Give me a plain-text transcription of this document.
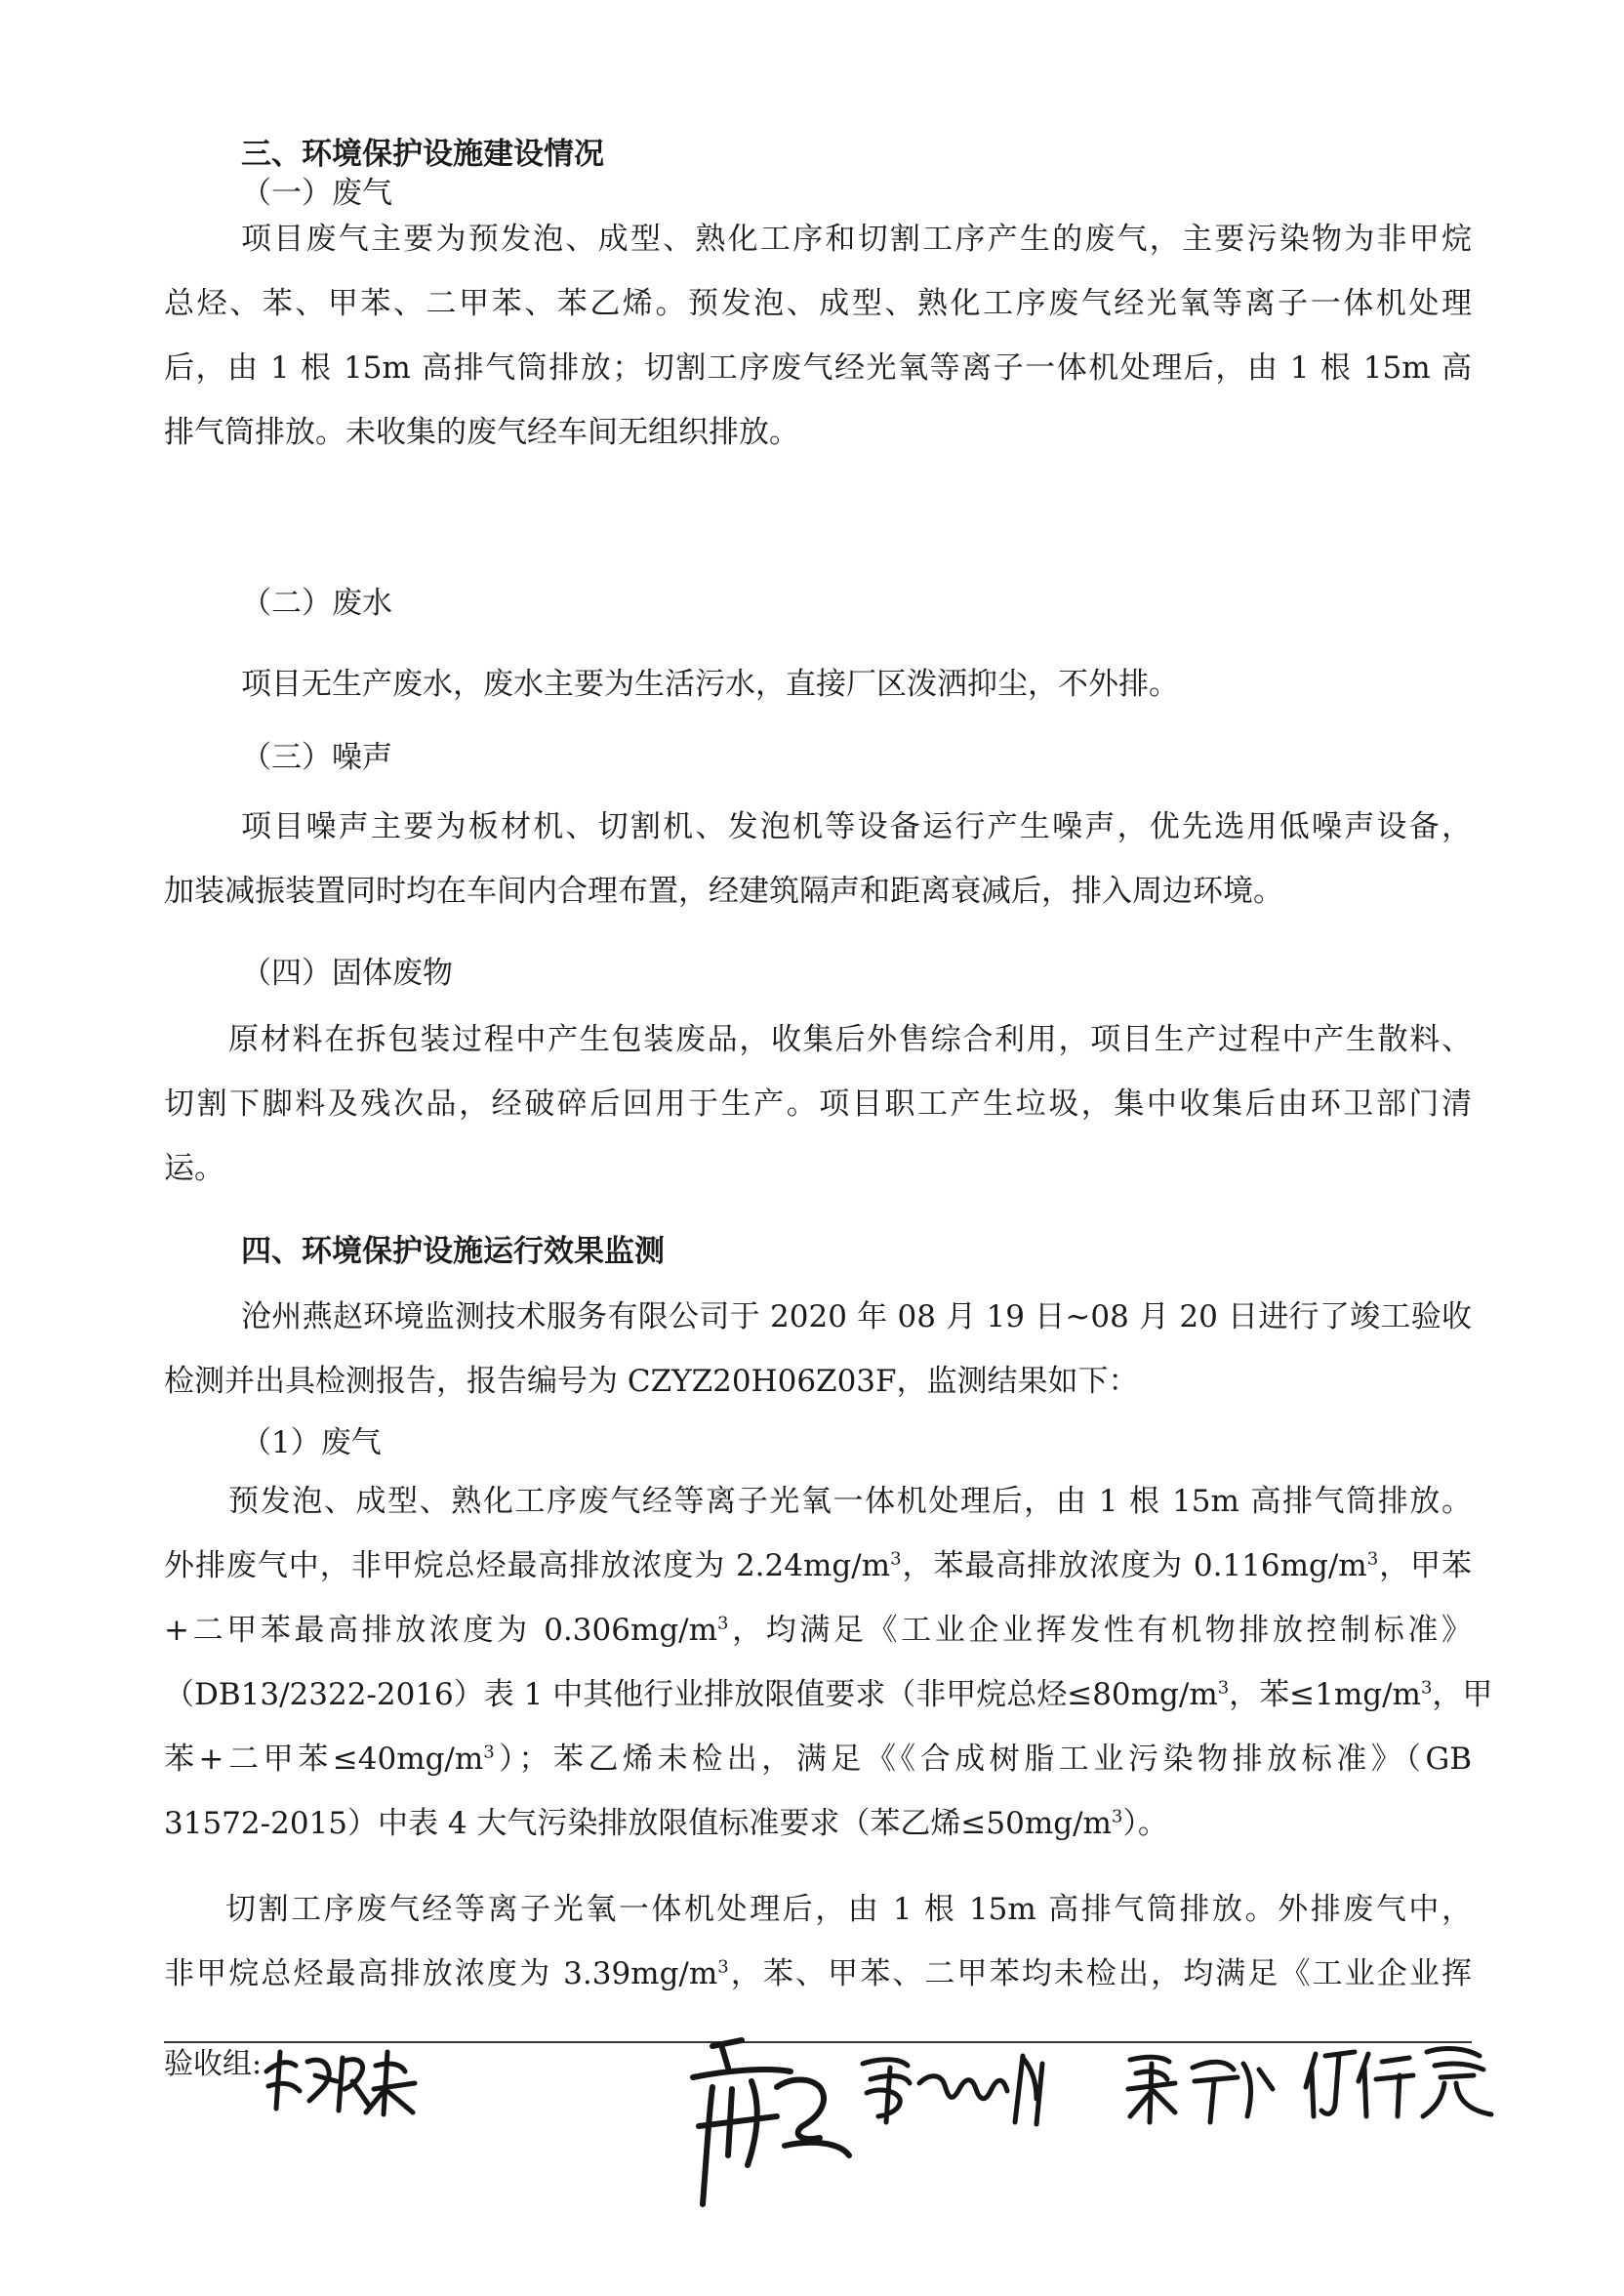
三、环境保护设施建设情况

（一）废气

项目废气主要为预发泡、成型、熟化工序和切割工序产生的废气，主要污染物为非甲烷
总烃、苯、甲苯、二甲苯、苯乙烯。预发泡、成型、熟化工序废气经光氧等离子一体机处理
后，由 1 根 15m 高排气筒排放；切割工序废气经光氧等离子一体机处理后，由 1 根 15m 高
排气筒排放。未收集的废气经车间无组织排放。

（二）废水

项目无生产废水，废水主要为生活污水，直接厂区泼洒抑尘，不外排。

（三）噪声

项目噪声主要为板材机、切割机、发泡机等设备运行产生噪声，优先选用低噪声设备，
加装减振装置同时均在车间内合理布置，经建筑隔声和距离衰减后，排入周边环境。

（四）固体废物

原材料在拆包装过程中产生包装废品，收集后外售综合利用，项目生产过程中产生散料、
切割下脚料及残次品，经破碎后回用于生产。项目职工产生垃圾，集中收集后由环卫部门清
运。
四、环境保护设施运行效果监测
沧州燕赵环境监测技术服务有限公司于 2020 年 08 月 19 日~08 月 20 日进行了竣工验收
检测并出具检测报告，报告编号为 CZYZ20H06Z03F，监测结果如下：

（1）废气

预发泡、成型、熟化工序废气经等离子光氧一体机处理后，由 1 根 15m 高排气筒排放。
外排废气中，非甲烷总烃最高排放浓度为 $2.24mg/m^3$，苯最高排放浓度为 $0.116mg/m^3$，甲苯
+二甲苯最高排放浓度为 $0.306mg/m^3$，均满足《工业企业挥发性有机物排放控制标准》
（DB13/2322-2016）表 1 中其他行业排放限值要求（非甲烷总烃$\le 80mg/m^3$，苯$\le 1mg/m^3$，甲
苯+二甲苯$\le 40mg/m^3$）；苯乙烯未检出，满足《《合成树脂工业污染物排放标准》（GB
31572-2015）中表 4 大气污染排放限值标准要求（苯乙烯$\le 50mg/m^3$）。
切割工序废气经等离子光氧一体机处理后，由 1 根 15m 高排气筒排放。外排废气中，
非甲烷总烃最高排放浓度为 $3.39mg/m^3$，苯、甲苯、二甲苯均未检出，均满足《工业企业挥
验收组:
